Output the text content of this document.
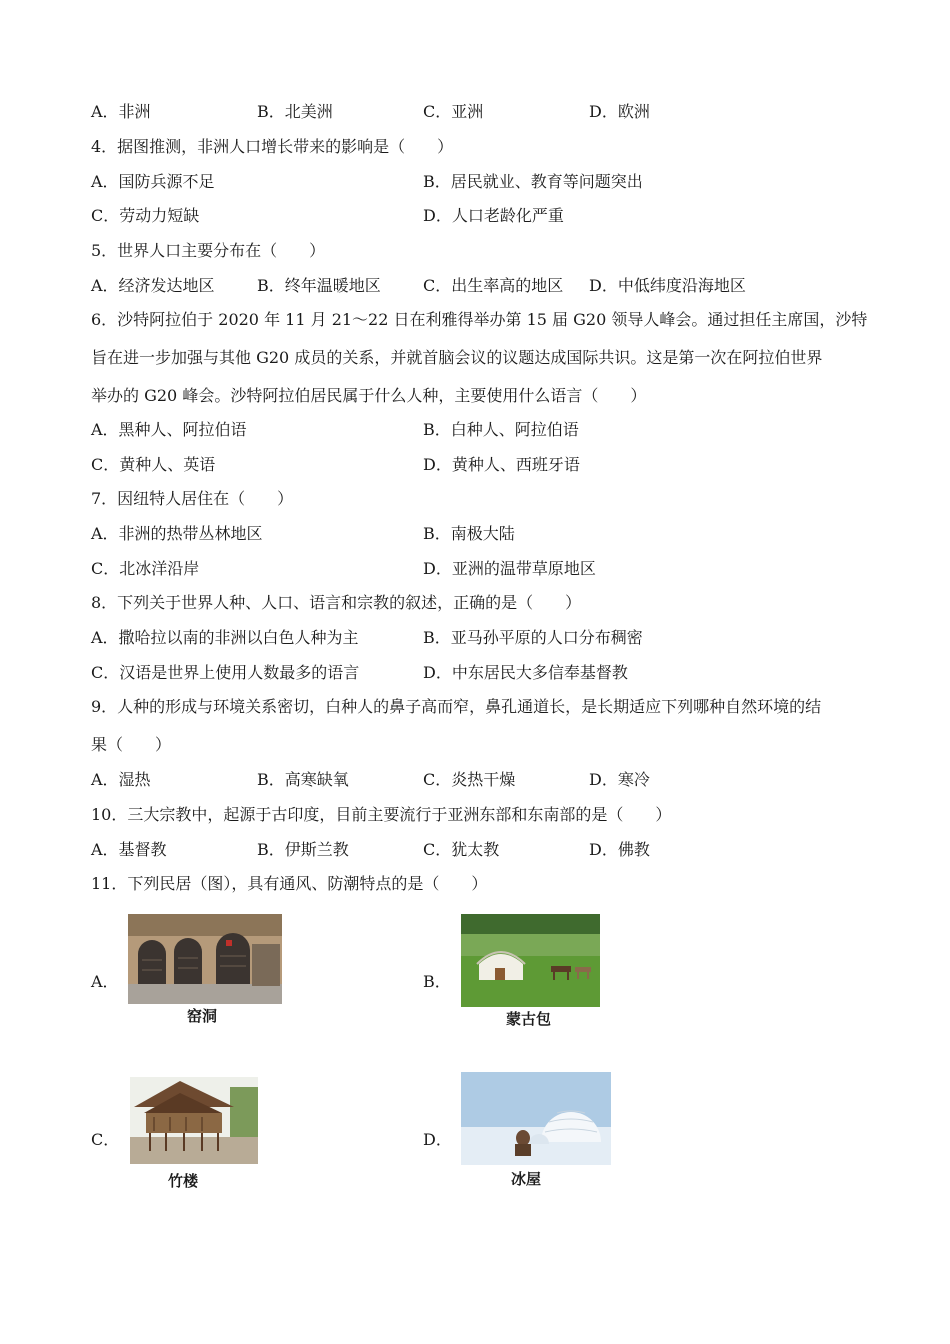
A．非洲	B．北美洲	C．亚洲	D．欧洲
4．据图推测，非洲人口增长带来的影响是（　　）
A．国防兵源不足	B．居民就业、教育等问题突出
C．劳动力短缺	D．人口老龄化严重
5．世界人口主要分布在（　　）
A．经济发达地区	B．终年温暖地区	C．出生率高的地区 D．中低纬度沿海地区
6．沙特阿拉伯于 2020 年 11 月 21～22 日在利雅得举办第 15 届 G20 领导人峰会。通过担任主席国，沙特
旨在进一步加强与其他 G20 成员的关系，并就首脑会议的议题达成国际共识。这是第一次在阿拉伯世界
举办的 G20 峰会。沙特阿拉伯居民属于什么人种，主要使用什么语言（　　）
A．黑种人、阿拉伯语	B．白种人、阿拉伯语
C．黄种人、英语	D．黄种人、西班牙语
7．因纽特人居住在（　　）
A．非洲的热带丛林地区	B．南极大陆
C．北冰洋沿岸	D．亚洲的温带草原地区
8．下列关于世界人种、人口、语言和宗教的叙述，正确的是（　　）
A．撒哈拉以南的非洲以白色人种为主	B．亚马孙平原的人口分布稠密
C．汉语是世界上使用人数最多的语言	D．中东居民大多信奉基督教
9．人种的形成与环境关系密切，白种人的鼻子高而窄，鼻孔通道长，是长期适应下列哪种自然环境的结
果（　　）
A．湿热	B．高寒缺氧	C．炎热干燥	D．寒冷
10．三大宗教中，起源于古印度，目前主要流行于亚洲东部和东南部的是（　　）
A．基督教	B．伊斯兰教	C．犹太教	D．佛教
11．下列民居（图），具有通风、防潮特点的是（　　）
A．
窑洞
B．
蒙古包
C．
竹楼
D．
冰屋
